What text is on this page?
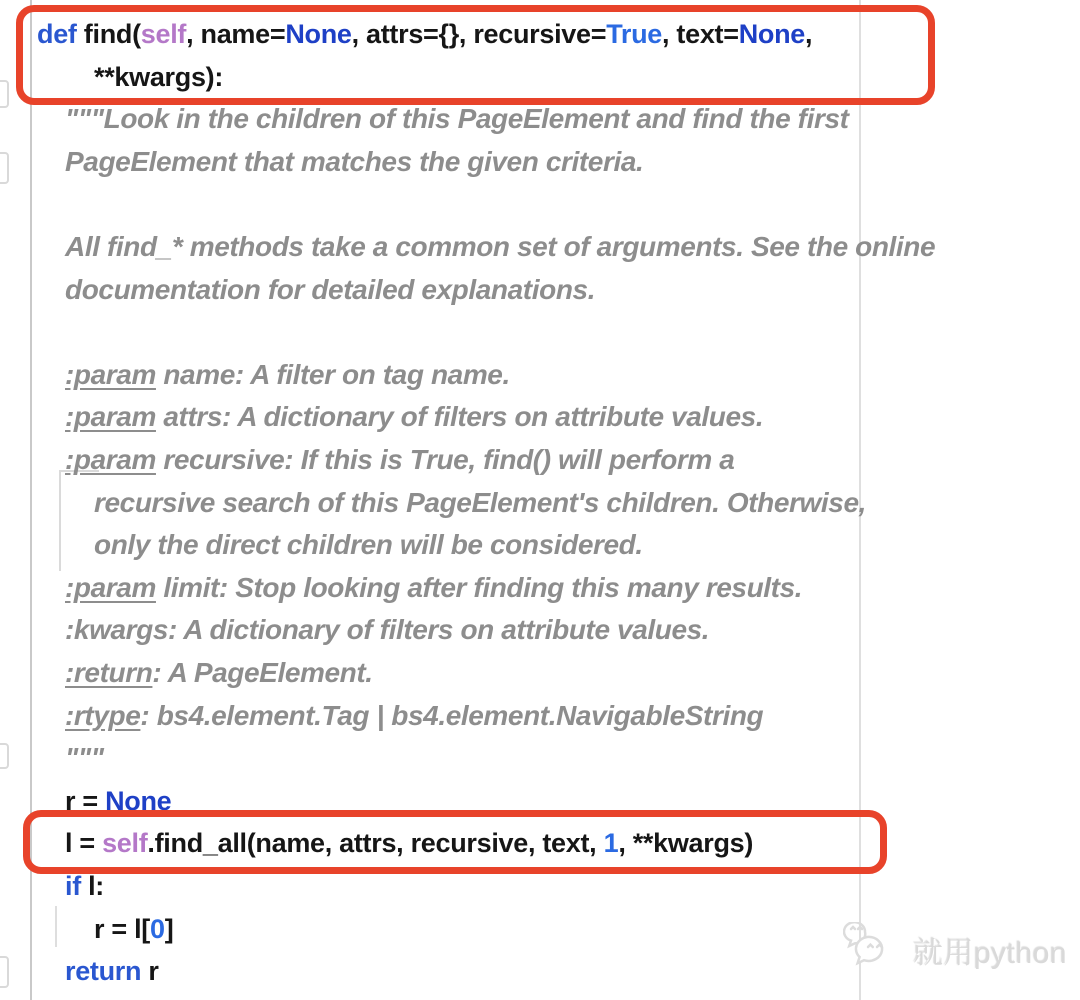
def find(self, name=None, attrs={}, recursive=True, text=None,
**kwargs):
"""Look in the children of this PageElement and find the first
PageElement that matches the given criteria.
All find_* methods take a common set of arguments. See the online
documentation for detailed explanations.
:param name: A filter on tag name.
:param attrs: A dictionary of filters on attribute values.
:param recursive: If this is True, find() will perform a
recursive search of this PageElement's children. Otherwise,
only the direct children will be considered.
:param limit: Stop looking after finding this many results.
:kwargs: A dictionary of filters on attribute values.
:return: A PageElement.
:rtype: bs4.element.Tag | bs4.element.NavigableString
"""
r = None
l = self.find_all(name, attrs, recursive, text, 1, **kwargs)
if l:
r = l[0]
return r
就用python
